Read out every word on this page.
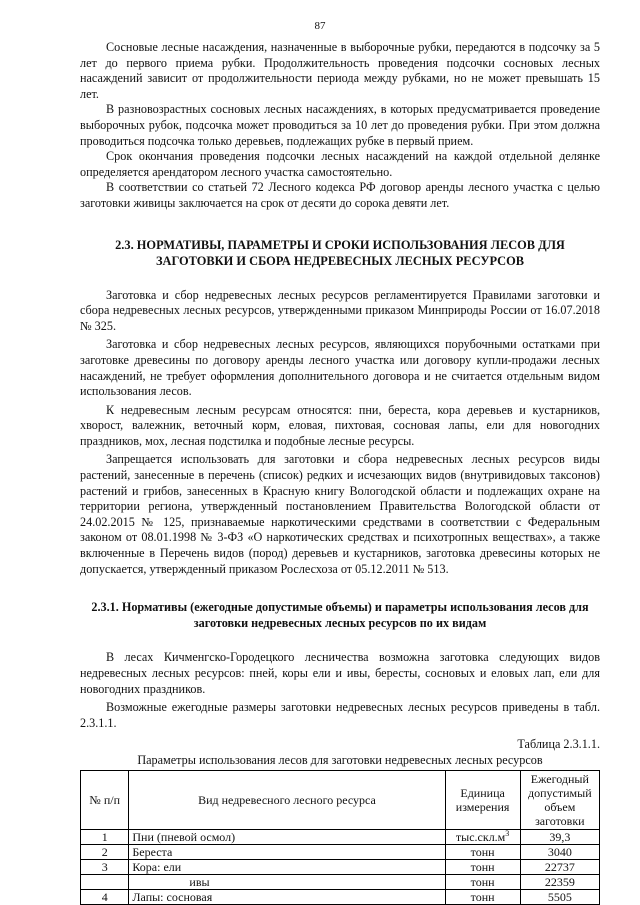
87

Сосновые лесные насаждения, назначенные в выборочные рубки, передаются в подсочку за 5 лет до первого приема рубки. Продолжительность проведения подсочки сосновых лесных насаждений зависит от продолжительности периода между рубками, но не может превышать 15 лет.

В разновозрастных сосновых лесных насаждениях, в которых предусматривается проведение выборочных рубок, подсочка может проводиться за 10 лет до проведения рубки. При этом должна проводиться подсочка только деревьев, подлежащих рубке в первый прием.

Срок окончания проведения подсочки лесных насаждений на каждой отдельной делянке определяется арендатором лесного участка самостоятельно.

В соответствии со статьей 72 Лесного кодекса РФ договор аренды лесного участка с целью заготовки живицы заключается на срок от десяти до сорока девяти лет.

2.3. НОРМАТИВЫ, ПАРАМЕТРЫ И СРОКИ ИСПОЛЬЗОВАНИЯ ЛЕСОВ ДЛЯ ЗАГОТОВКИ И СБОРА НЕДРЕВЕСНЫХ ЛЕСНЫХ РЕСУРСОВ

Заготовка и сбор недревесных лесных ресурсов регламентируется Правилами заготовки и сбора недревесных лесных ресурсов, утвержденными приказом Минприроды России от 16.07.2018 № 325.

Заготовка и сбор недревесных лесных ресурсов, являющихся порубочными остатками при заготовке древесины по договору аренды лесного участка или договору купли-продажи лесных насаждений, не требует оформления дополнительного договора и не считается отдельным видом использования лесов.

К недревесным лесным ресурсам относятся: пни, береста, кора деревьев и кустарников, хворост, валежник, веточный корм, еловая, пихтовая, сосновая лапы, ели для новогодних праздников, мох, лесная подстилка и подобные лесные ресурсы.

Запрещается использовать для заготовки и сбора недревесных лесных ресурсов виды растений, занесенные в перечень (список) редких и исчезающих видов (внутривидовых таксонов) растений и грибов, занесенных в Красную книгу Вологодской области и подлежащих охране на территории региона, утвержденный постановлением Правительства Вологодской области от 24.02.2015 № 125, признаваемые наркотическими средствами в соответствии с Федеральным законом от 08.01.1998 № 3-ФЗ «О наркотических средствах и психотропных веществах», а также включенные в Перечень видов (пород) деревьев и кустарников, заготовка древесины которых не допускается, утвержденный приказом Рослесхоза от 05.12.2011 № 513.

2.3.1. Нормативы (ежегодные допустимые объемы) и параметры использования лесов для заготовки недревесных лесных ресурсов по их видам

В лесах Кичменгско-Городецкого лесничества возможна заготовка следующих видов недревесных лесных ресурсов: пней, коры ели и ивы, бересты, сосновых и еловых лап, ели для новогодних праздников.

Возможные ежегодные размеры заготовки недревесных лесных ресурсов приведены в табл. 2.3.1.1.

Таблица 2.3.1.1.
Параметры использования лесов для заготовки недревесных лесных ресурсов
№ п/п	Вид недревесного лесного ресурса	Единица измерения	Ежегодный допустимый объем заготовки
1	Пни (пневой осмол)	$тыс.скл.м^3$	39,3
2	Береста	тонн	3040
3	Кора: ели	тонн	22737
	ивы	тонн	22359
4	Лапы: сосновая	тонн	5505
